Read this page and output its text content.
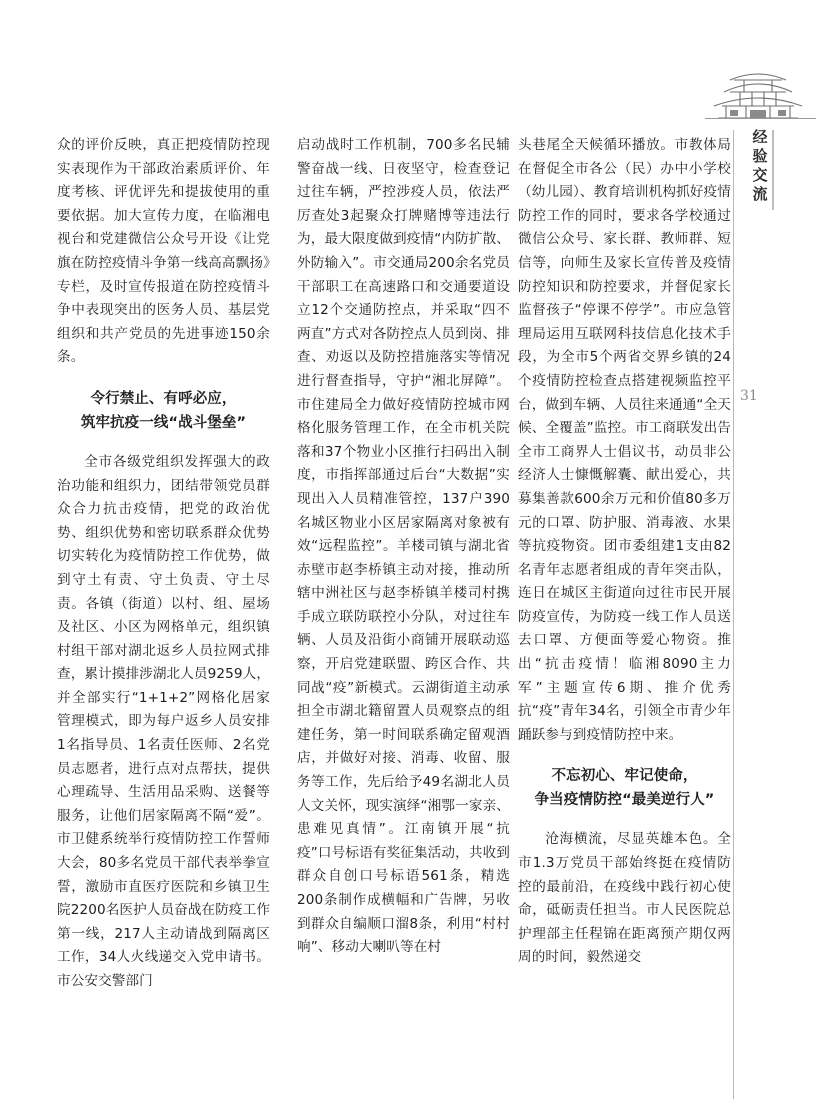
经
验
交
流
31

众的评价反映，真正把疫情防控现实表现作为干部政治素质评价、年度考核、评优评先和提拔使用的重要依据。加大宣传力度，在临湘电视台和党建微信公众号开设《让党旗在防控疫情斗争第一线高高飘扬》专栏，及时宣传报道在防控疫情斗争中表现突出的医务人员、基层党组织和共产党员的先进事迹150余条。

令行禁止、有呼必应，
筑牢抗疫一线“战斗堡垒”

全市各级党组织发挥强大的政治功能和组织力，团结带领党员群众合力抗击疫情，把党的政治优势、组织优势和密切联系群众优势切实转化为疫情防控工作优势，做到守土有责、守土负责、守土尽责。各镇（街道）以村、组、屋场及社区、小区为网格单元，组织镇村组干部对湖北返乡人员拉网式排查，累计摸排涉湖北人员9259人，并全部实行“1+1+2”网格化居家管理模式，即为每户返乡人员安排1名指导员、1名责任医师、2名党员志愿者，进行点对点帮扶，提供心理疏导、生活用品采购、送餐等服务，让他们居家隔离不隔“爱”。市卫健系统举行疫情防控工作誓师大会，80多名党员干部代表举拳宣誓，激励市直医疗医院和乡镇卫生院2200名医护人员奋战在防疫工作第一线，217人主动请战到隔离区工作，34人火线递交入党申请书。市公安交警部门

启动战时工作机制，700多名民辅警奋战一线、日夜坚守，检查登记过往车辆，严控涉疫人员，依法严厉查处3起聚众打牌赌博等违法行为，最大限度做到疫情“内防扩散、外防输入”。市交通局200余名党员干部职工在高速路口和交通要道设立12个交通防控点，并采取“四不两直”方式对各防控点人员到岗、排查、劝返以及防控措施落实等情况进行督查指导，守护“湘北屏障”。市住建局全力做好疫情防控城市网格化服务管理工作，在全市机关院落和37个物业小区推行扫码出入制度，市指挥部通过后台“大数据”实现出入人员精准管控，137户390名城区物业小区居家隔离对象被有效“远程监控”。羊楼司镇与湖北省赤壁市赵李桥镇主动对接，推动所辖中洲社区与赵李桥镇羊楼司村携手成立联防联控小分队，对过往车辆、人员及沿街小商铺开展联动巡察，开启党建联盟、跨区合作、共同战“疫”新模式。云湖街道主动承担全市湖北籍留置人员观察点的组建任务，第一时间联系确定留观酒店，并做好对接、消毒、收留、服务等工作，先后给予49名湖北人员人文关怀，现实演绎“湘鄂一家亲、患难见真情”。江南镇开展“抗疫”口号标语有奖征集活动，共收到群众自创口号标语561条，精选200条制作成横幅和广告牌，另收到群众自编顺口溜8条，利用“村村响”、移动大喇叭等在村

头巷尾全天候循环播放。市教体局在督促全市各公（民）办中小学校（幼儿园）、教育培训机构抓好疫情防控工作的同时，要求各学校通过微信公众号、家长群、教师群、短信等，向师生及家长宣传普及疫情防控知识和防控要求，并督促家长监督孩子“停课不停学”。市应急管理局运用互联网科技信息化技术手段，为全市5个两省交界乡镇的24个疫情防控检查点搭建视频监控平台，做到车辆、人员往来通通“全天候、全覆盖”监控。市工商联发出告全市工商界人士倡议书，动员非公经济人士慷慨解囊、献出爱心，共募集善款600余万元和价值80多万元的口罩、防护服、消毒液、水果等抗疫物资。团市委组建1支由82名青年志愿者组成的青年突击队，连日在城区主街道向过往市民开展防疫宣传，为防疫一线工作人员送去口罩、方便面等爱心物资。推出“抗击疫情！临湘8090主力军”主题宣传6期、推介优秀抗“疫”青年34名，引领全市青少年踊跃参与到疫情防控中来。

不忘初心、牢记使命，
争当疫情防控“最美逆行人”

沧海横流，尽显英雄本色。全市1.3万党员干部始终挺在疫情防控的最前沿，在疫线中践行初心使命，砥砺责任担当。市人民医院总护理部主任程锦在距离预产期仅两周的时间，毅然递交
